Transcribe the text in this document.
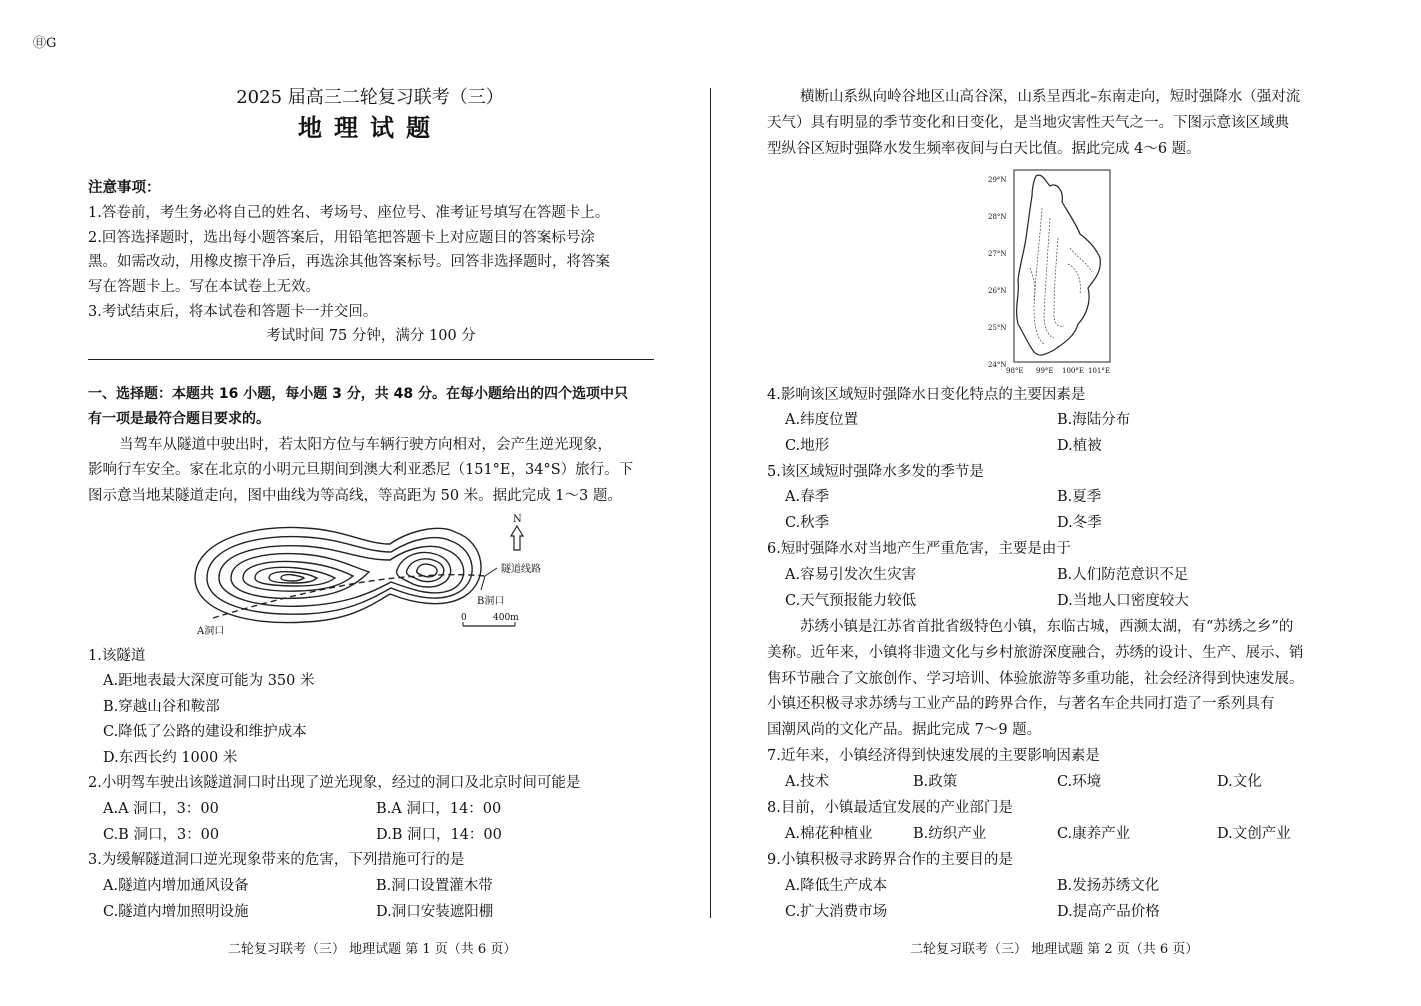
㊐G
2025 届高三二轮复习联考（三）
地理试题
注意事项：
1.答卷前，考生务必将自己的姓名、考场号、座位号、准考证号填写在答题卡上。
2.回答选择题时，选出每小题答案后，用铅笔把答题卡上对应题目的答案标号涂
黑。如需改动，用橡皮擦干净后，再选涂其他答案标号。回答非选择题时，将答案
写在答题卡上。写在本试卷上无效。
3.考试结束后，将本试卷和答题卡一并交回。
考试时间 75 分钟，满分 100 分
一、选择题：本题共 16 小题，每小题 3 分，共 48 分。在每小题给出的四个选项中只
有一项是最符合题目要求的。
当驾车从隧道中驶出时，若太阳方位与车辆行驶方向相对，会产生逆光现象，
影响行车安全。家在北京的小明元旦期间到澳大利亚悉尼（151°E，34°S）旅行。下
图示意当地某隧道走向，图中曲线为等高线，等高距为 50 米。据此完成 1～3 题。
隧道线路
B洞口
A洞口
N
0	400m
1.该隧道
A.距地表最大深度可能为 350 米
B.穿越山谷和鞍部
C.降低了公路的建设和维护成本
D.东西长约 1000 米
2.小明驾车驶出该隧道洞口时出现了逆光现象，经过的洞口及北京时间可能是
A.A 洞口，3：00	B.A 洞口，14：00
C.B 洞口，3：00	D.B 洞口，14：00
3.为缓解隧道洞口逆光现象带来的危害，下列措施可行的是
A.隧道内增加通风设备	B.洞口设置灌木带
C.隧道内增加照明设施	D.洞口安装遮阳棚
横断山系纵向岭谷地区山高谷深，山系呈西北–东南走向，短时强降水（强对流
天气）具有明显的季节变化和日变化，是当地灾害性天气之一。下图示意该区域典
型纵谷区短时强降水发生频率夜间与白天比值。据此完成 4～6 题。
29°N
28°N
27°N
26°N
25°N
24°N
98°E 99°E 100°E 101°E
4.影响该区域短时强降水日变化特点的主要因素是
A.纬度位置	B.海陆分布
C.地形	D.植被
5.该区域短时强降水多发的季节是
A.春季	B.夏季
C.秋季	D.冬季
6.短时强降水对当地产生严重危害，主要是由于
A.容易引发次生灾害	B.人们防范意识不足
C.天气预报能力较低	D.当地人口密度较大
苏绣小镇是江苏省首批省级特色小镇，东临古城，西濒太湖，有“苏绣之乡”的
美称。近年来，小镇将非遗文化与乡村旅游深度融合，苏绣的设计、生产、展示、销
售环节融合了文旅创作、学习培训、体验旅游等多重功能，社会经济得到快速发展。
小镇还积极寻求苏绣与工业产品的跨界合作，与著名车企共同打造了一系列具有
国潮风尚的文化产品。据此完成 7～9 题。
7.近年来，小镇经济得到快速发展的主要影响因素是
A.技术	B.政策	C.环境	D.文化
8.目前，小镇最适宜发展的产业部门是
A.棉花种植业	B.纺织产业	C.康养产业	D.文创产业
9.小镇积极寻求跨界合作的主要目的是
A.降低生产成本	B.发扬苏绣文化
C.扩大消费市场	D.提高产品价格
二轮复习联考（三） 地理试题 第 1 页（共 6 页）	二轮复习联考（三） 地理试题 第 2 页（共 6 页）
